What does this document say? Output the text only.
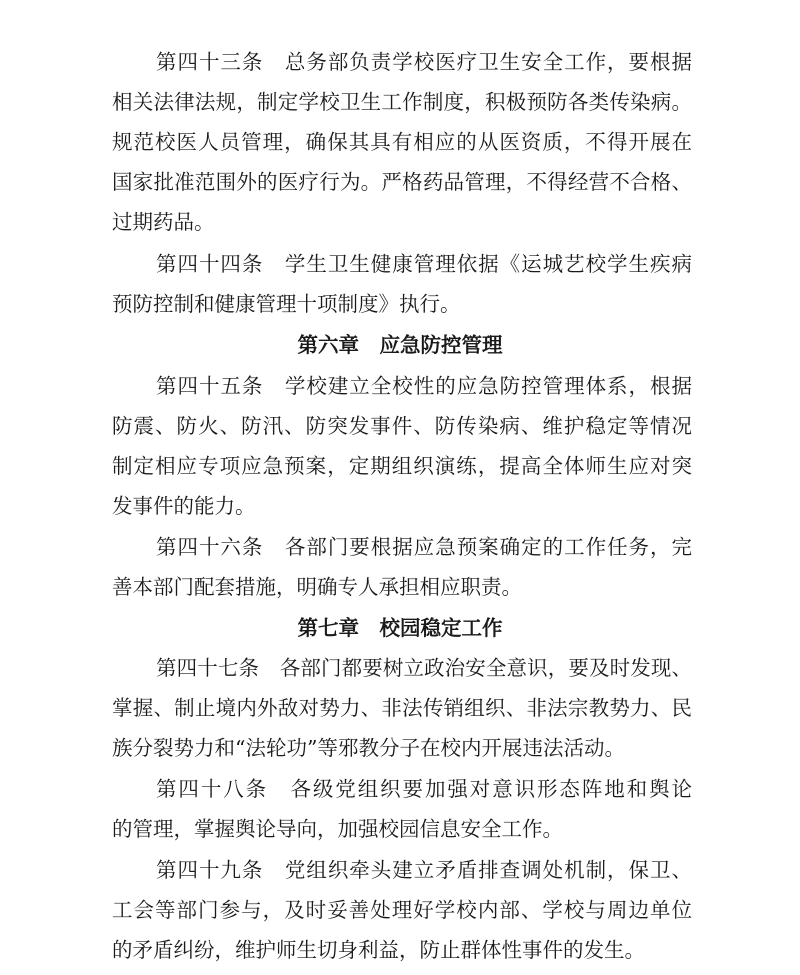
第四十三条　总务部负责学校医疗卫生安全工作，要根据
相关法律法规，制定学校卫生工作制度，积极预防各类传染病。
规范校医人员管理，确保其具有相应的从医资质，不得开展在
国家批准范围外的医疗行为。严格药品管理，不得经营不合格、
过期药品。
第四十四条　学生卫生健康管理依据《运城艺校学生疾病
预防控制和健康管理十项制度》执行。
第六章　应急防控管理
第四十五条　学校建立全校性的应急防控管理体系，根据
防震、防火、防汛、防突发事件、防传染病、维护稳定等情况
制定相应专项应急预案，定期组织演练，提高全体师生应对突
发事件的能力。
第四十六条　各部门要根据应急预案确定的工作任务，完
善本部门配套措施，明确专人承担相应职责。
第七章　校园稳定工作
第四十七条　各部门都要树立政治安全意识，要及时发现、
掌握、制止境内外敌对势力、非法传销组织、非法宗教势力、民
族分裂势力和“法轮功”等邪教分子在校内开展违法活动。
第四十八条　各级党组织要加强对意识形态阵地和舆论
的管理，掌握舆论导向，加强校园信息安全工作。
第四十九条　党组织牵头建立矛盾排查调处机制，保卫、
工会等部门参与，及时妥善处理好学校内部、学校与周边单位
的矛盾纠纷，维护师生切身利益，防止群体性事件的发生。
